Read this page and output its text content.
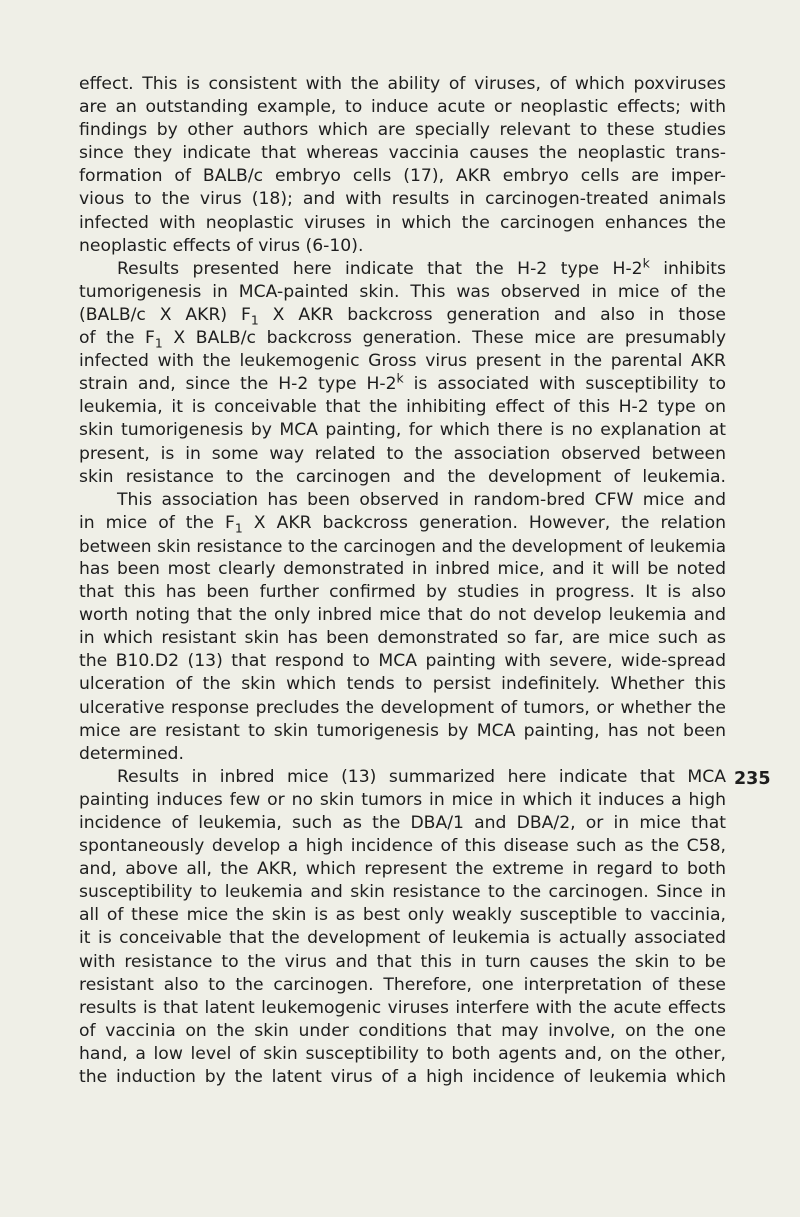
effect. This is consistent with the ability of viruses, of which poxviruses
are an outstanding example, to induce acute or neoplastic effects; with
findings by other authors which are specially relevant to these studies
since they indicate that whereas vaccinia causes the neoplastic trans-
formation of BALB/c embryo cells (17), AKR embryo cells are imper-
vious to the virus (18); and with results in carcinogen-treated animals
infected with neoplastic viruses in which the carcinogen enhances the
neoplastic effects of virus (6-10).
Results presented here indicate that the H-2 type H-2$^k$ inhibits
tumorigenesis in MCA-painted skin. This was observed in mice of the
(BALB/c X AKR) $F_1$ X AKR backcross generation and also in those
of the $F_1$ X BALB/c backcross generation. These mice are presumably
infected with the leukemogenic Gross virus present in the parental AKR
strain and, since the H-2 type H-2$^k$ is associated with susceptibility to
leukemia, it is conceivable that the inhibiting effect of this H-2 type on
skin tumorigenesis by MCA painting, for which there is no explanation at
present, is in some way related to the association observed between
skin resistance to the carcinogen and the development of leukemia.
This association has been observed in random-bred CFW mice and
in mice of the $F_1$ X AKR backcross generation. However, the relation
between skin resistance to the carcinogen and the development of leukemia
has been most clearly demonstrated in inbred mice, and it will be noted
that this has been further confirmed by studies in progress. It is also
worth noting that the only inbred mice that do not develop leukemia and
in which resistant skin has been demonstrated so far, are mice such as
the B10.D2 (13) that respond to MCA painting with severe, wide-spread
ulceration of the skin which tends to persist indefinitely. Whether this
ulcerative response precludes the development of tumors, or whether the
mice are resistant to skin tumorigenesis by MCA painting, has not been
determined.
Results in inbred mice (13) summarized here indicate that MCA
painting induces few or no skin tumors in mice in which it induces a high
incidence of leukemia, such as the DBA/1 and DBA/2, or in mice that
spontaneously develop a high incidence of this disease such as the C58,
and, above all, the AKR, which represent the extreme in regard to both
susceptibility to leukemia and skin resistance to the carcinogen. Since in
all of these mice the skin is as best only weakly susceptible to vaccinia,
it is conceivable that the development of leukemia is actually associated
with resistance to the virus and that this in turn causes the skin to be
resistant also to the carcinogen. Therefore, one interpretation of these
results is that latent leukemogenic viruses interfere with the acute effects
of vaccinia on the skin under conditions that may involve, on the one
hand, a low level of skin susceptibility to both agents and, on the other,
the induction by the latent virus of a high incidence of leukemia which
235
